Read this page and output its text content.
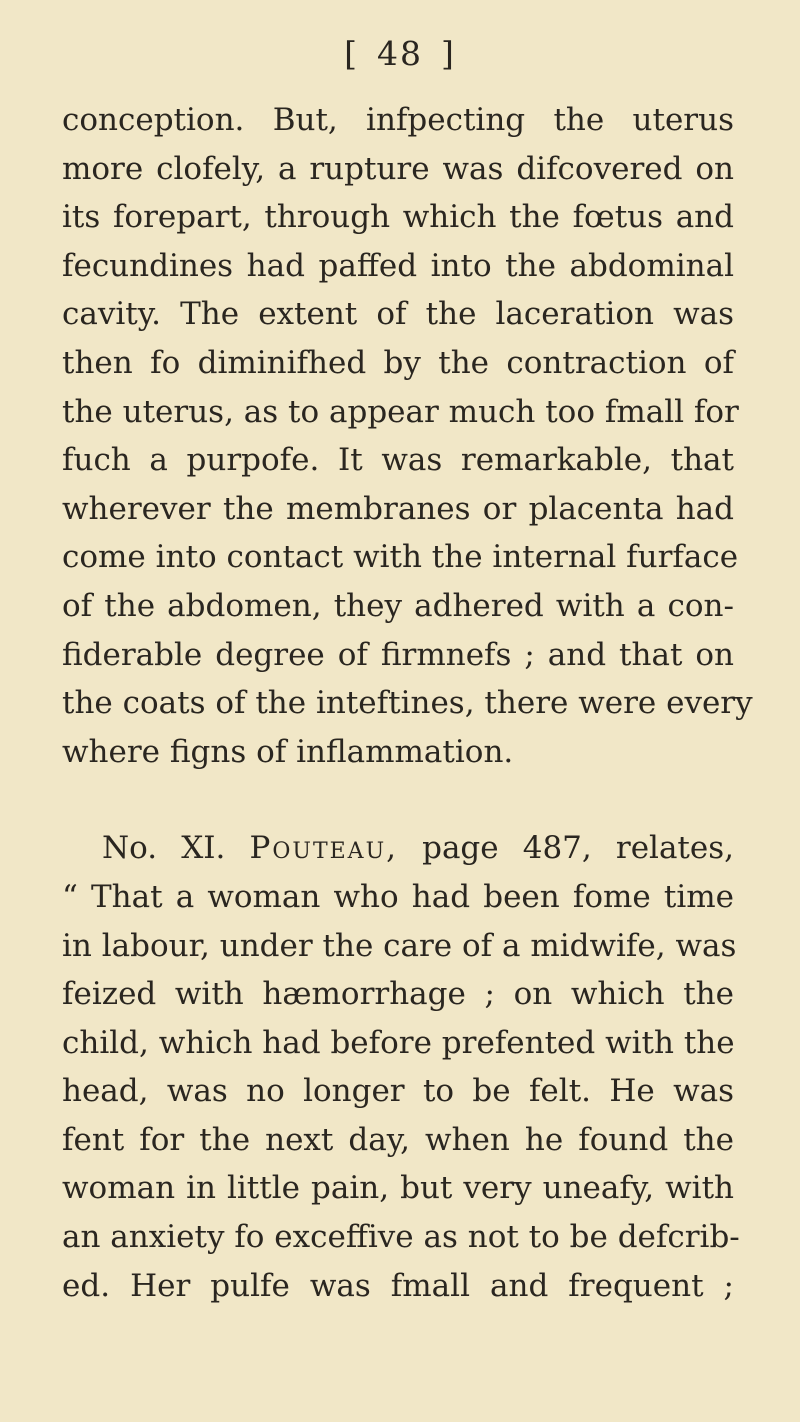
[ 48 ]
conception. But, infpecting the uterus
more clofely, a rupture was difcovered on
its forepart, through which the fœtus and
fecundines had paffed into the abdominal
cavity. The extent of the laceration was
then fo diminifhed by the contraction of
the uterus, as to appear much too fmall for
fuch a purpofe. It was remarkable, that
wherever the membranes or placenta had
come into contact with the internal furface
of the abdomen, they adhered with a con-
fiderable degree of firmnefs ; and that on
the coats of the inteftines, there were every
where figns of inflammation.
No. XI. Pouteau, page 487, relates,
“ That a woman who had been fome time
in labour, under the care of a midwife, was
feized with hæmorrhage ; on which the
child, which had before prefented with the
head, was no longer to be felt. He was
fent for the next day, when he found the
woman in little pain, but very uneafy, with
an anxiety fo exceffive as not to be defcrib-
ed. Her pulfe was fmall and frequent ;
